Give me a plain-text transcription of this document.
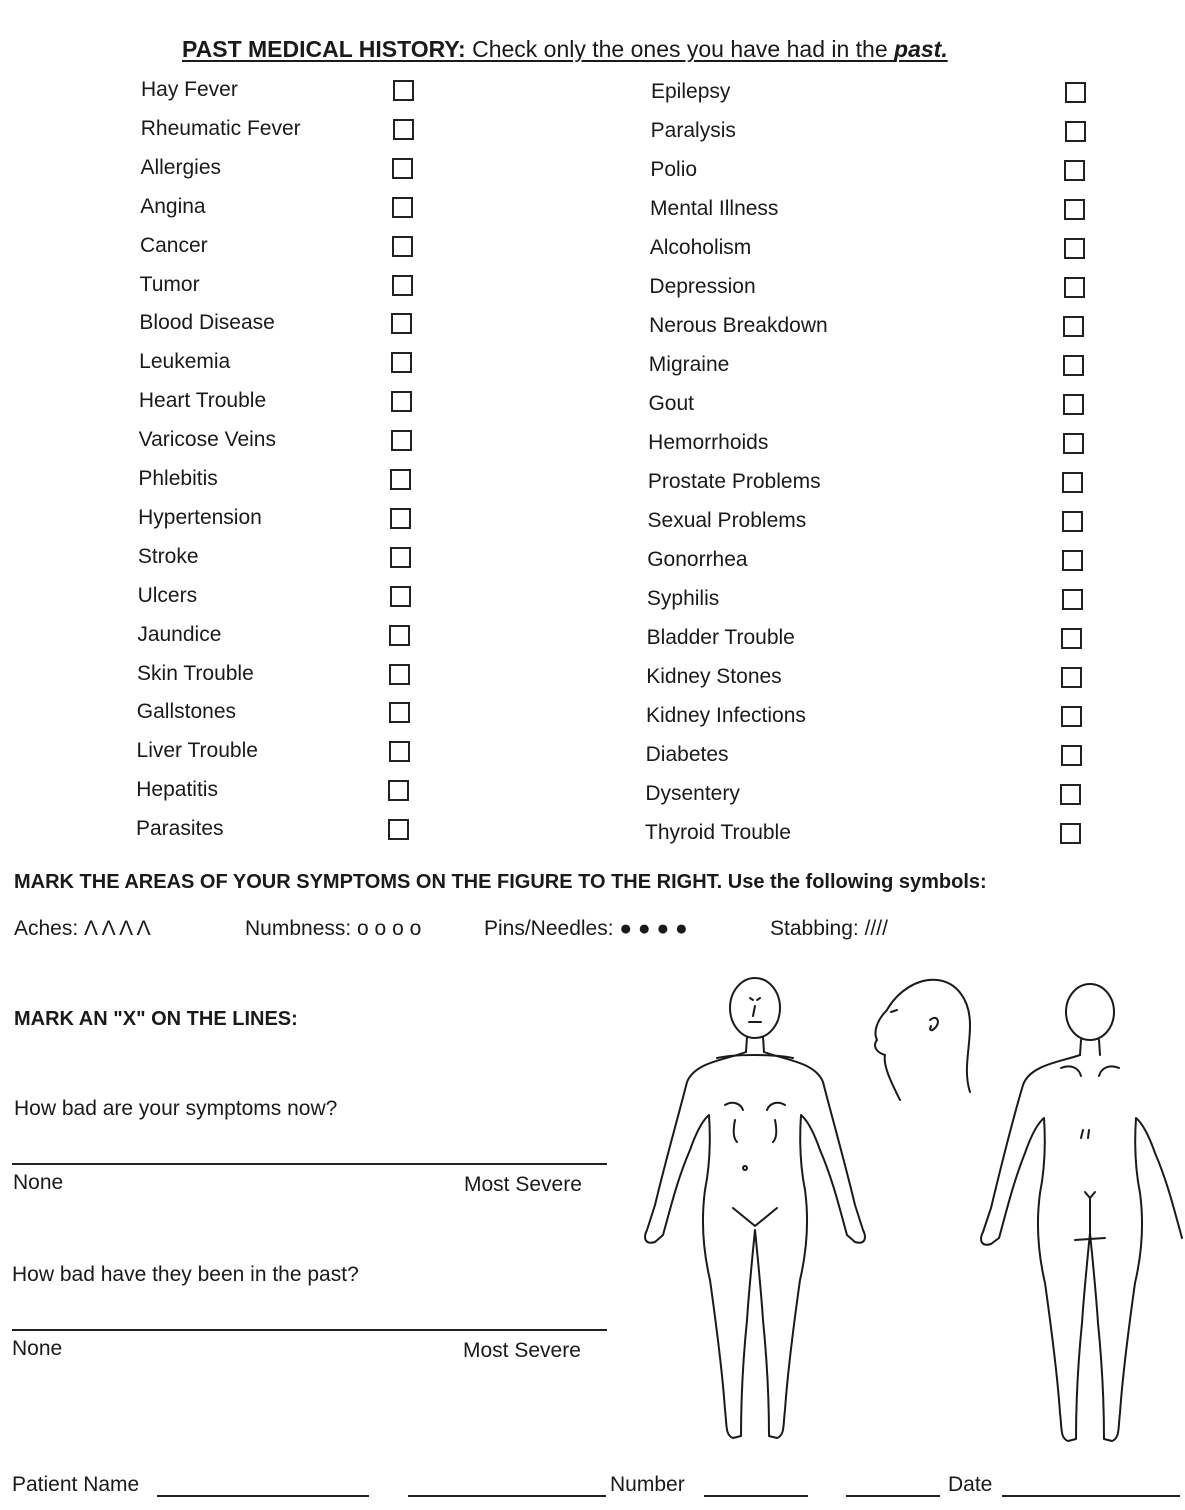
PAST MEDICAL HISTORY: Check only the ones you have had in the past.
Hay Fever
Rheumatic Fever
Allergies
Angina
Cancer
Tumor
Blood Disease
Leukemia
Heart Trouble
Varicose Veins
Phlebitis
Hypertension
Stroke
Ulcers
Jaundice
Skin Trouble
Gallstones
Liver Trouble
Hepatitis
Parasites
Epilepsy
Paralysis
Polio
Mental Illness
Alcoholism
Depression
Nerous Breakdown
Migraine
Gout
Hemorrhoids
Prostate Problems
Sexual Problems
Gonorrhea
Syphilis
Bladder Trouble
Kidney Stones
Kidney Infections
Diabetes
Dysentery
Thyroid Trouble
MARK THE AREAS OF YOUR SYMPTOMS ON THE FIGURE TO THE RIGHT. Use the following symbols:
Aches: Λ Λ Λ Λ	Numbness: o o o o	Pins/Needles: ● ● ● ●	Stabbing: ////
MARK AN "X" ON THE LINES:
How bad are your symptoms now?
None	Most Severe
How bad have they been in the past?
None	Most Severe
Patient Name	Number	Date
